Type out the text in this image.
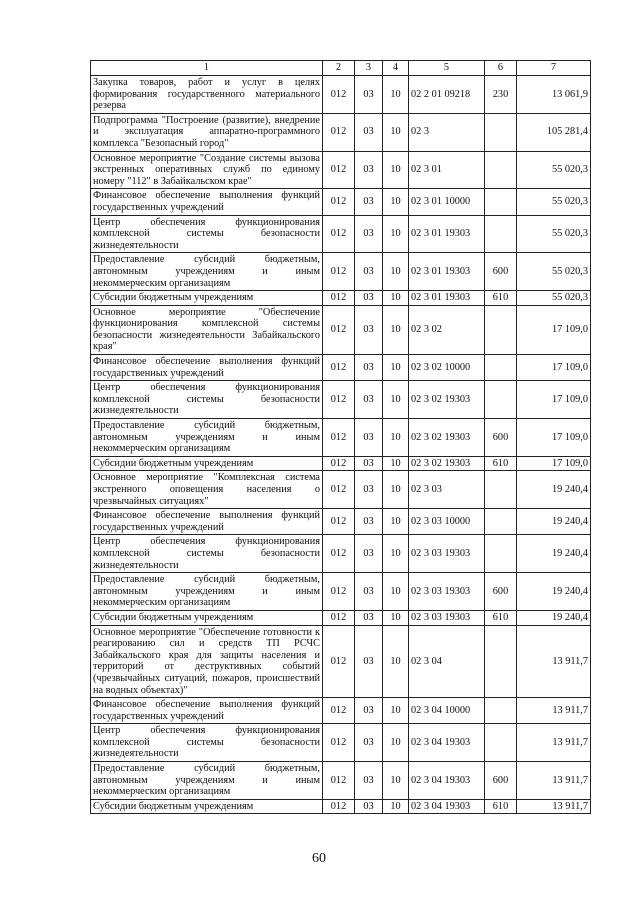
1	2	3	4	5	6	7
Закупка товаров, работ и услуг в целях формирования государственного материального резерва	012	03	10	02 2 01 09218	230	13 061,9
Подпрограмма "Построение (развитие), внедрение и эксплуатация аппаратно-программного комплекса "Безопасный город"	012	03	10	02 3		105 281,4
Основное мероприятие "Создание системы вызова экстренных оперативных служб по единому номеру "112" в Забайкальском крае"	012	03	10	02 3 01		55 020,3
Финансовое обеспечение выполнения функций государственных учреждений	012	03	10	02 3 01 10000		55 020,3
Центр обеспечения функционирования комплексной системы безопасности жизнедеятельности	012	03	10	02 3 01 19303		55 020,3
Предоставление субсидий бюджетным, автономным учреждениям и иным некоммерческим организациям	012	03	10	02 3 01 19303	600	55 020,3
Субсидии бюджетным учреждениям	012	03	10	02 3 01 19303	610	55 020,3
Основное мероприятие "Обеспечение функционирования комплексной системы безопасности жизнедеятельности Забайкальского края"	012	03	10	02 3 02		17 109,0
Финансовое обеспечение выполнения функций государственных учреждений	012	03	10	02 3 02 10000		17 109,0
Центр обеспечения функционирования комплексной системы безопасности жизнедеятельности	012	03	10	02 3 02 19303		17 109,0
Предоставление субсидий бюджетным, автономным учреждениям и иным некоммерческим организациям	012	03	10	02 3 02 19303	600	17 109,0
Субсидии бюджетным учреждениям	012	03	10	02 3 02 19303	610	17 109,0
Основное мероприятие "Комплексная система экстренного оповещения населения о чрезвычайных ситуациях"	012	03	10	02 3 03		19 240,4
Финансовое обеспечение выполнения функций государственных учреждений	012	03	10	02 3 03 10000		19 240,4
Центр обеспечения функционирования комплексной системы безопасности жизнедеятельности	012	03	10	02 3 03 19303		19 240,4
Предоставление субсидий бюджетным, автономным учреждениям и иным некоммерческим организациям	012	03	10	02 3 03 19303	600	19 240,4
Субсидии бюджетным учреждениям	012	03	10	02 3 03 19303	610	19 240,4
Основное мероприятие "Обеспечение готовности к реагированию сил и средств ТП РСЧС Забайкальского края для защиты населения и территорий от деструктивных событий (чрезвычайных ситуаций, пожаров, происшествий на водных объектах)"	012	03	10	02 3 04		13 911,7
Финансовое обеспечение выполнения функций государственных учреждений	012	03	10	02 3 04 10000		13 911,7
Центр обеспечения функционирования комплексной системы безопасности жизнедеятельности	012	03	10	02 3 04 19303		13 911,7
Предоставление субсидий бюджетным, автономным учреждениям и иным некоммерческим организациям	012	03	10	02 3 04 19303	600	13 911,7
Субсидии бюджетным учреждениям	012	03	10	02 3 04 19303	610	13 911,7
60
